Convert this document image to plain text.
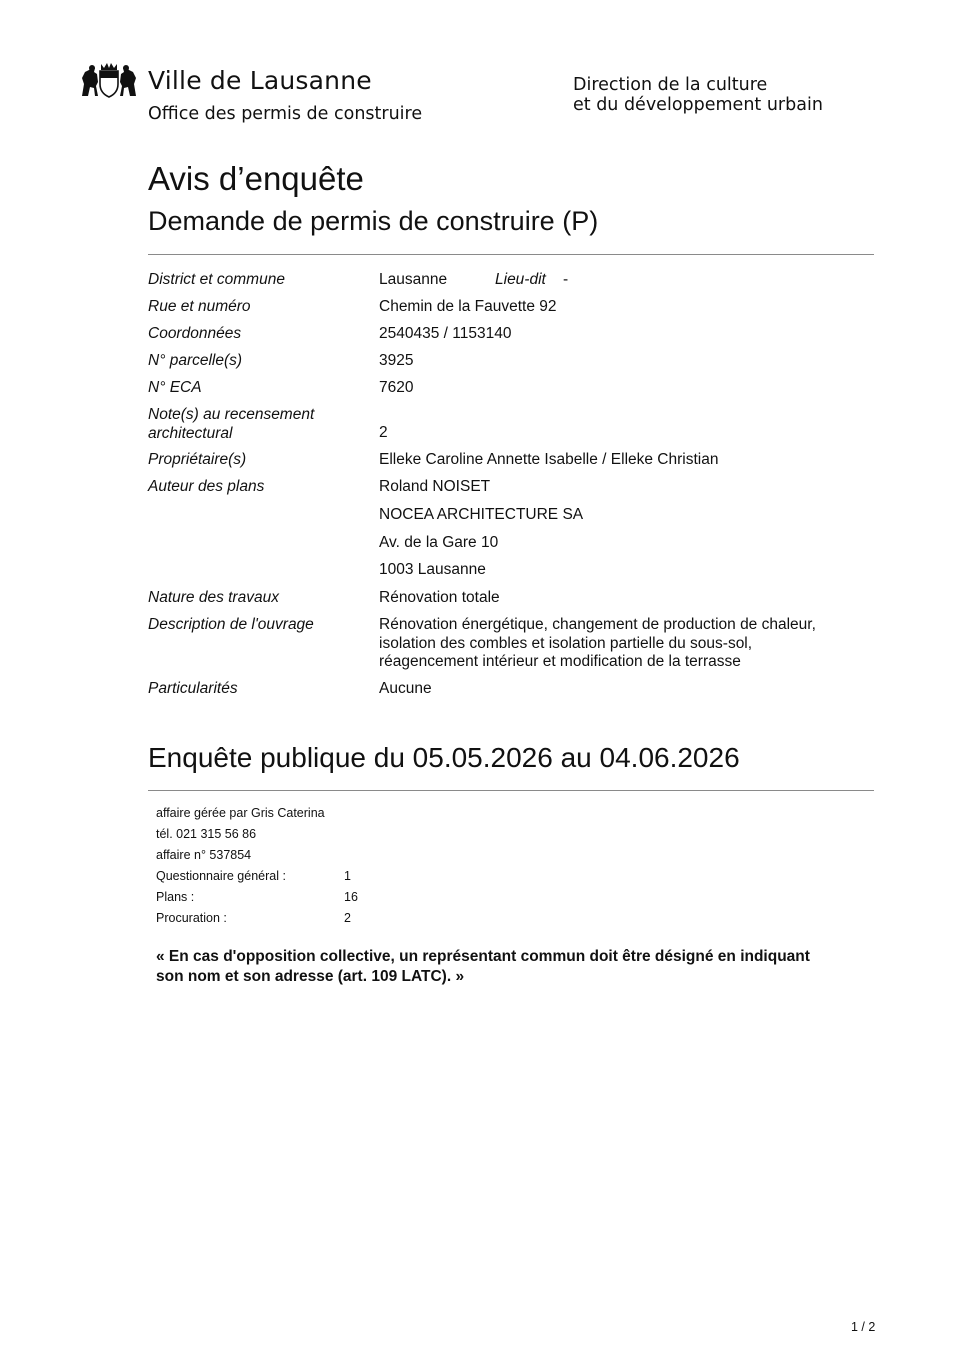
Ville de Lausanne
Office des permis de construire
Direction de la culture
et du développement urbain
Avis d’enquête
Demande de permis de construire (P)
District et commune	Lausanne	Lieu-dit -
Rue et numéro	Chemin de la Fauvette 92
Coordonnées	2540435 / 1153140
N° parcelle(s)	3925
N° ECA	7620
Note(s) au recensement
architectural	2
Propriétaire(s)	Elleke Caroline Annette Isabelle / Elleke Christian
Auteur des plans	Roland NOISET
NOCEA ARCHITECTURE SA
Av. de la Gare 10
1003 Lausanne
Nature des travaux	Rénovation totale
Description de l'ouvrage	Rénovation énergétique, changement de production de chaleur,
isolation des combles et isolation partielle du sous-sol,
réagencement intérieur et modification de la terrasse
Particularités	Aucune
Enquête publique du 05.05.2026 au 04.06.2026
affaire gérée par Gris Caterina
tél. 021 315 56 86
affaire n° 537854
Questionnaire général :	1
Plans :	16
Procuration :	2
« En cas d'opposition collective, un représentant commun doit être désigné en indiquant
son nom et son adresse (art. 109 LATC). »
1 / 2
